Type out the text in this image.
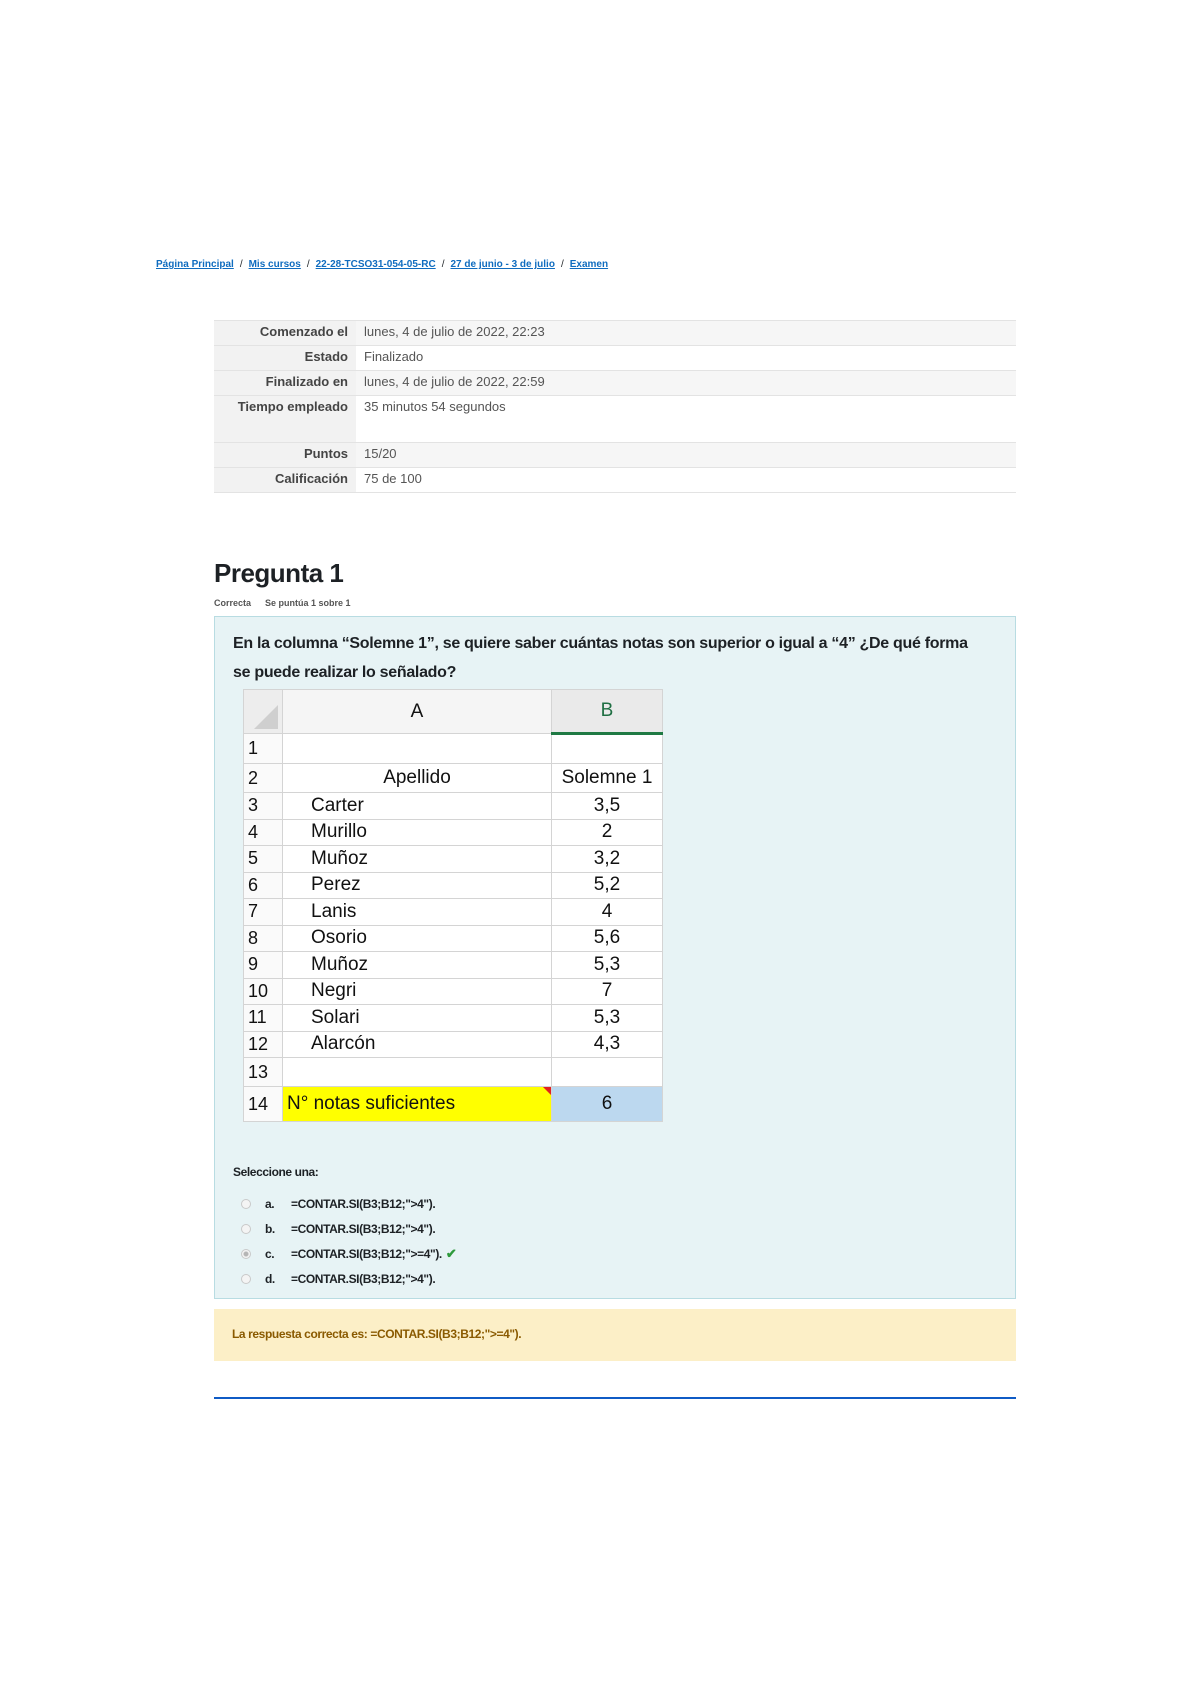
Página Principal / Mis cursos / 22-28-TCSO31-054-05-RC / 27 de junio - 3 de julio / Examen
Comenzado el	lunes, 4 de julio de 2022, 22:23
Estado	Finalizado
Finalizado en	lunes, 4 de julio de 2022, 22:59
Tiempo empleado	35 minutos 54 segundos
Puntos	15/20
Calificación	75 de 100
Pregunta 1
Correcta Se puntúa 1 sobre 1
En la columna “Solemne 1”, se quiere saber cuántas notas son superior o igual a “4” ¿De qué forma se puede realizar lo señalado?
	A	B
1		
2	Apellido	Solemne 1
3	Carter	3,5
4	Murillo	2
5	Muñoz	3,2
6	Perez	5,2
7	Lanis	4
8	Osorio	5,6
9	Muñoz	5,3
10	Negri	7
11	Solari	5,3
12	Alarcón	4,3
13		
14	N° notas suficientes	6
Seleccione una:
a.	=CONTAR.SI(B3;B12;">4").
b.	=CONTAR.SI(B3;B12;">4").
c.	=CONTAR.SI(B3;B12;">=4"). ✔
d.	=CONTAR.SI(B3;B12;">4").
La respuesta correcta es: =CONTAR.SI(B3;B12;">=4").
